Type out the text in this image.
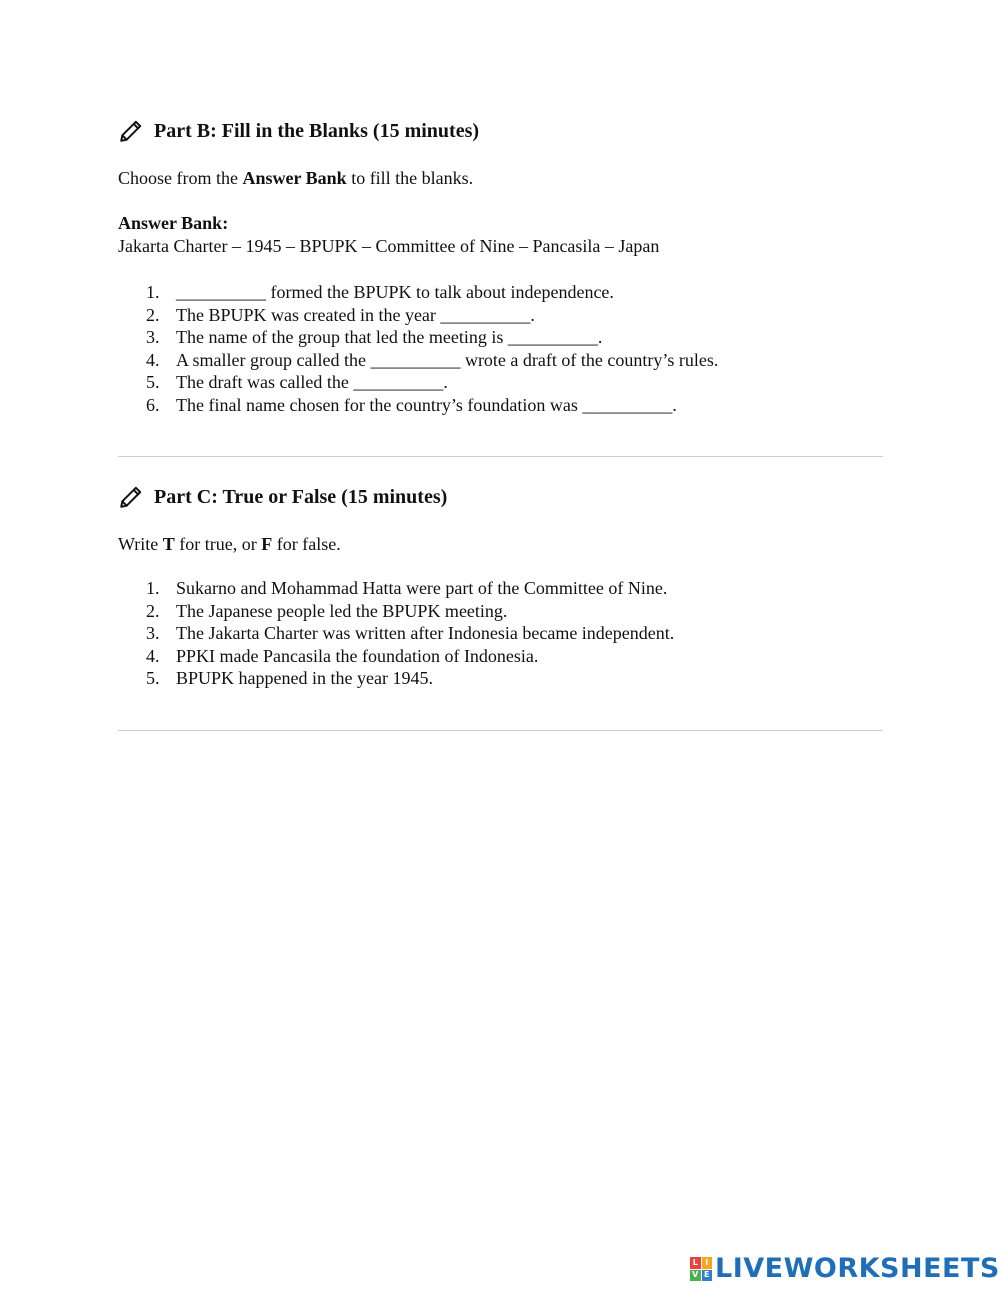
Part B: Fill in the Blanks (15 minutes)
Choose from the Answer Bank to fill the blanks.
Answer Bank:
Jakarta Charter – 1945 – BPUPK – Committee of Nine – Pancasila – Japan
1. __________ formed the BPUPK to talk about independence.
2. The BPUPK was created in the year __________.
3. The name of the group that led the meeting is __________.
4. A smaller group called the __________ wrote a draft of the country’s rules.
5. The draft was called the __________.
6. The final name chosen for the country’s foundation was __________.
Part C: True or False (15 minutes)
Write T for true, or F for false.
1. Sukarno and Mohammad Hatta were part of the Committee of Nine.
2. The Japanese people led the BPUPK meeting.
3. The Jakarta Charter was written after Indonesia became independent.
4. PPKI made Pancasila the foundation of Indonesia.
5. BPUPK happened in the year 1945.
L I
V E LIVEWORKSHEETS
